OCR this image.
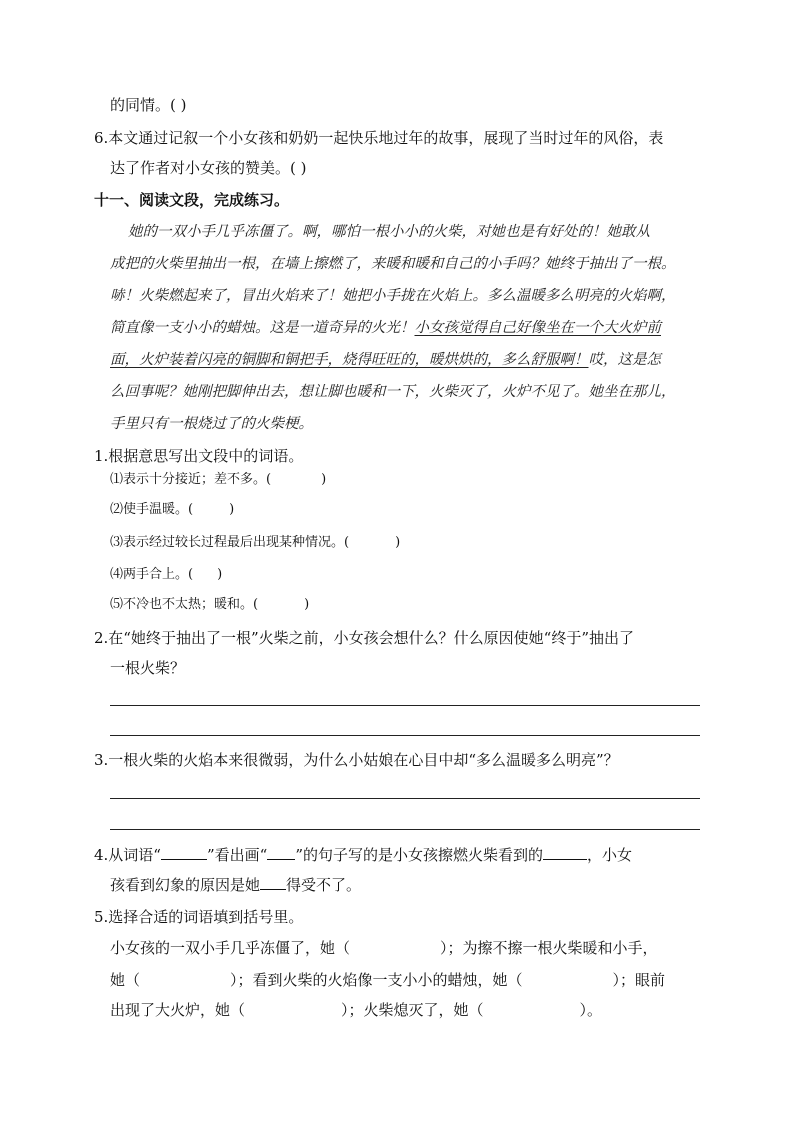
的同情。( )
6.本文通过记叙一个小女孩和奶奶一起快乐地过年的故事，展现了当时过年的风俗，表
达了作者对小女孩的赞美。( )
十一、阅读文段，完成练习。
她的一双小手几乎冻僵了。啊，哪怕一根小小的火柴，对她也是有好处的！她敢从
成把的火柴里抽出一根，在墙上擦燃了，来暖和暖和自己的小手吗？她终于抽出了一根。
哧！火柴燃起来了，冒出火焰来了！她把小手拢在火焰上。多么温暖多么明亮的火焰啊，
简直像一支小小的蜡烛。这是一道奇异的火光！小女孩觉得自己好像坐在一个大火炉前
面，火炉装着闪亮的铜脚和铜把手，烧得旺旺的，暖烘烘的，多么舒服啊！哎，这是怎
么回事呢？她刚把脚伸出去，想让脚也暖和一下，火柴灭了，火炉不见了。她坐在那儿，
手里只有一根烧过了的火柴梗。
1.根据意思写出文段中的词语。
⑴表示十分接近；差不多。(	)
⑵使手温暖。(	)
⑶表示经过较长过程最后出现某种情况。(	)
⑷两手合上。( )
⑸不冷也不太热；暖和。(	)
2.在“她终于抽出了一根”火柴之前，小女孩会想什么？什么原因使她“终于”抽出了
一根火柴？
3.一根火柴的火焰本来很微弱，为什么小姑娘在心目中却“多么温暖多么明亮”？
4.从词语“	”看出画“ ”的句子写的是小女孩擦燃火柴看到的	，小女
孩看到幻象的原因是她 得受不了。
5.选择合适的词语填到括号里。
小女孩的一双小手几乎冻僵了，她（	）；为擦不擦一根火柴暖和小手，
她（	）；看到火柴的火焰像一支小小的蜡烛，她（	）；眼前
出现了大火炉，她（	）；火柴熄灭了，她（	）。
